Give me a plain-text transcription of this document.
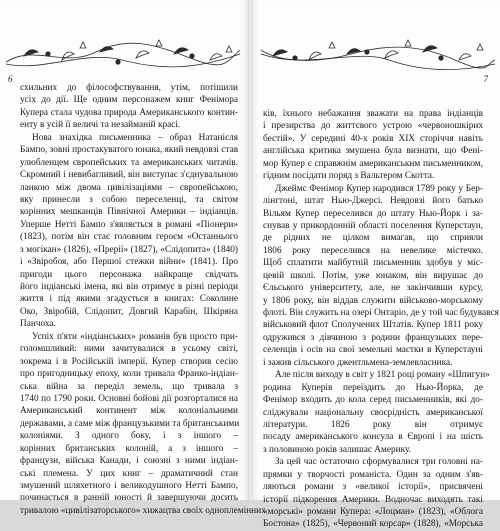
6
схильних до філософствування, утім, потішили
усіх до дії. Ще одним персонажем книг Фенімора
Купера стала чудова природа Американського контин-
енту в усій її величі та незайманій красі.
Нова знахідка письменника – образ Натанієля
Бампо, зовні простакуватого юнака, який невдовзі став
улюбленцем європейських та американських читачів.
Скромний і невибагливий, він виступає з'єднувальною
ланкою між двома цивілізаціями – європейською,
яку принесли з собою переселенці, та світом
корінних мешканців Північної Америки – індіанців.
Уперше Нетті Бампо з'являється в романі «Піонери»
(1823), потім він стає головним героєм «Останнього
з могікан» (1826), «Прерії» (1827), «Слідопита» (1840)
і «Звіробоя, або Першої стежки війни» (1841). Про
пригоди цього персонажа найкраще свідчать
його індіанські імена, які він отримує в різні періоди
життя і під якими згадується в книгах: Соколине
Око, Звіробій, Слідопит, Довгий Карабін, Шкіряна
Панчоха.
Успіх п'яти «індіанських» романів був просто при-
голомшливий: ними зачитувалися в усьому світі,
зокрема і в Російській імперії. Купер створив сесію
про пригодницьку епоху, коли тривала Франко-індіан-
ська війна за переділ земель, що тривала з
1740 по 1790 роки. Основні бойові дії розгорталися на
Американський континент між колоніальними
державами, а саме між французькими та британськими
колоніями. З одного боку, і з іншого –
корінних британських колоній, а з іншого –
французи, війська Канади, і союзні з ними індіан-
ські племена. У цих книг – драматичний стан
змушений шляхетного і великодушного Нетті Бампо,
починається в ранній юності й завершуючи досить
тривалою «цивілізаторського» хижацтва своїх одноплемінних
7
ків, їхнього небажання зважати на права індіанців
і презирства до життєвого устрою «червоношкірих
бестій». У середині 40-х років XIX сторіччя навіть
англійська критика змушена була визнати, що Фені-
мор Купер є справжнім американським письменником,
гідним посідати поряд з Вальтером Скотта.
Джеймс Фенімор Купер народився 1789 року у Бер-
лінгтоні, штат Нью-Джерсі. Невдовзі його батько
Вільям Купер переселився до штату Нью-Йорк і за-
снував у прикордонній області поселення Куперстаун,
де рідних не цілком вимагав, що сприяли
1806 року переселився на невелике містечко.
Щоб сплатити майбутній письменник здобув у міс-
цевій школі. Потім, уже юнаком, він вирушає до
Єльського університету, але, не закінчивши курсу,
у 1806 року, він віддав служити військово-морському
флоті. Він служить на озері Онтаріо, де у той час будувався
військовий флот Сполучених Штатів. Купер 1811 року
одружився з дівчиною з родини французьких пере-
селенців і осів на свої земельні маєтки в Куперстауні
і зажив сільського джентльмена-землевласника.
Але після виходу в світ у 1821 році роману «Шпигун»
родина Куперів переїздить до Нью-Йорка, де
Фенімор входить до кола серед письменників, які до-
сліджували національну своєрідність американської
літератури. 1826 року він отримує
посаду американського консула в Європі і на шість
з половиною років залишає Америку.
За цей час остаточно сформувалися три головні на-
прямки у творчості романіста. Один за одним з'яв-
ляються романи з «великої історії», присвячені
історії підкорення Америки. Водночас виходять такі
«морські» романи Купера: «Лоцман» (1823), «Облога
Бостона» (1825), «Червоний корсар» (1828), «Морська
